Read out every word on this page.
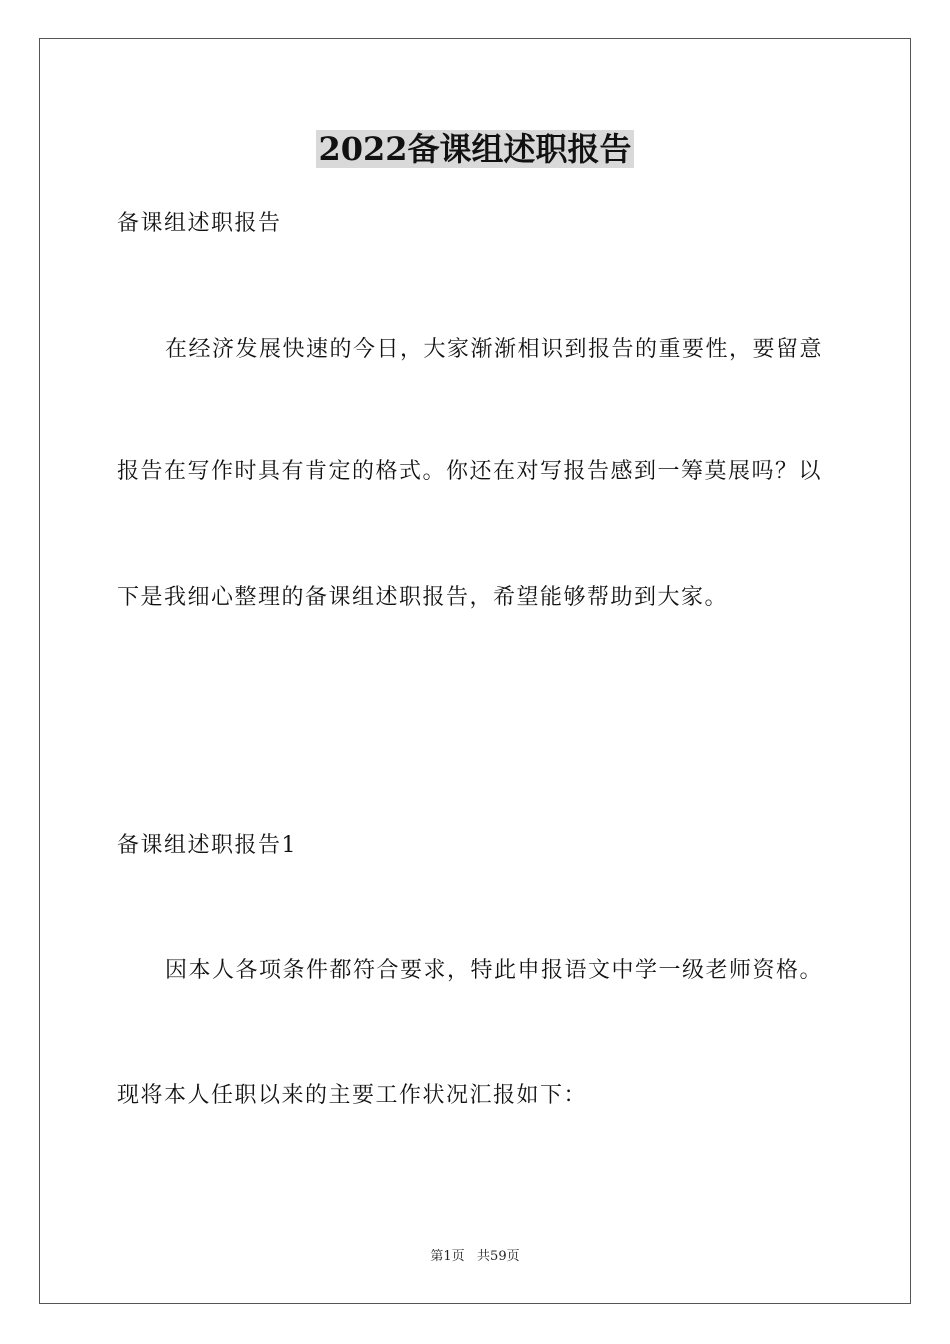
2022备课组述职报告
备课组述职报告
在经济发展快速的今日，大家渐渐相识到报告的重要性，要留意
报告在写作时具有肯定的格式。你还在对写报告感到一筹莫展吗？以
下是我细心整理的备课组述职报告，希望能够帮助到大家。
备课组述职报告1
因本人各项条件都符合要求，特此申报语文中学一级老师资格。
现将本人任职以来的主要工作状况汇报如下：
第1页   共59页
